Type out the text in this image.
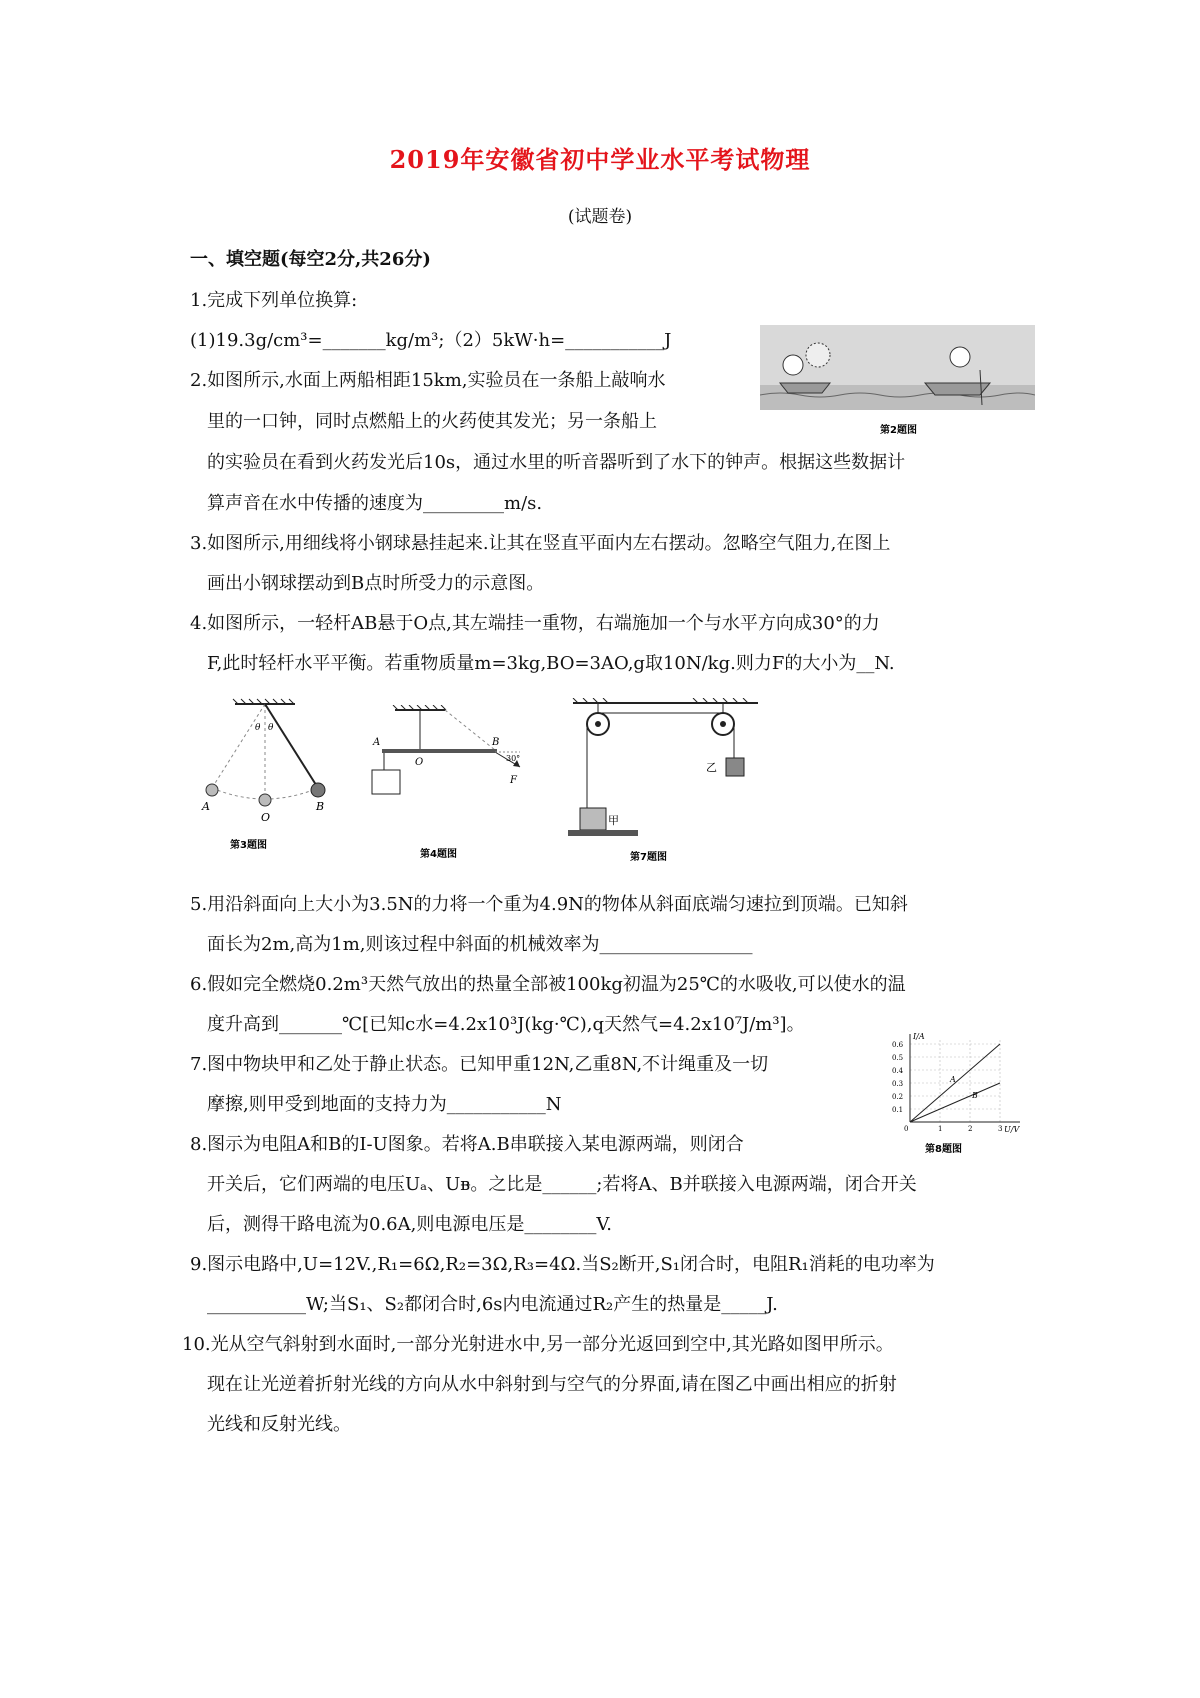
2019年安徽省初中学业水平考试物理
(试题卷)
一、填空题(每空2分,共26分)
1.完成下列单位换算:
(1)19.3g/cm³=_______kg/m³;（2）5kW·h=___________J
2.如图所示,水面上两船相距15km,实验员在一条船上敲响水
里的一口钟，同时点燃船上的火药使其发光；另一条船上
的实验员在看到火药发光后10s，通过水里的听音器听到了水下的钟声。根据这些数据计
算声音在水中传播的速度为_________m/s.
3.如图所示,用细线将小钢球悬挂起来.让其在竖直平面内左右摆动。忽略空气阻力,在图上
画出小钢球摆动到B点时所受力的示意图。
4.如图所示，一轻杆AB悬于O点,其左端挂一重物，右端施加一个与水平方向成30°的力
F,此时轻杆水平平衡。若重物质量m=3kg,BO=3AO,g取10N/kg.则力F的大小为__N.
5.用沿斜面向上大小为3.5N的力将一个重为4.9N的物体从斜面底端匀速拉到顶端。已知斜
面长为2m,高为1m,则该过程中斜面的机械效率为_________________
6.假如完全燃烧0.2m³天然气放出的热量全部被100kg初温为25℃的水吸收,可以使水的温
度升高到_______℃[已知c水=4.2x10³J(kg·℃),q天然气=4.2x10⁷J/m³]。
7.图中物块甲和乙处于静止状态。已知甲重12N,乙重8N,不计绳重及一切
摩擦,则甲受到地面的支持力为___________N
8.图示为电阻A和B的I-U图象。若将A.B串联接入某电源两端，则闭合
开关后，它们两端的电压Uₐ、Uᴃ。之比是______;若将A、B并联接入电源两端，闭合开关
后，测得干路电流为0.6A,则电源电压是________V.
9.图示电路中,U=12V.,R₁=6Ω,R₂=3Ω,R₃=4Ω.当S₂断开,S₁闭合时，电阻R₁消耗的电功率为
___________W;当S₁、S₂都闭合时,6s内电流通过R₂产生的热量是_____J.
10.光从空气斜射到水面时,一部分光射进水中,另一部分光返回到空中,其光路如图甲所示。
现在让光逆着折射光线的方向从水中斜射到与空气的分界面,请在图乙中画出相应的折射
光线和反射光线。
第2题图
θ θ
A
O
B
第3题图
A
O
B
30°
F
第4题图
甲
乙
第7题图
I/A
U/V
0.6
0.5
0.4
0.3
0.2
0.1
0	1	2	3
A
B
第8题图
